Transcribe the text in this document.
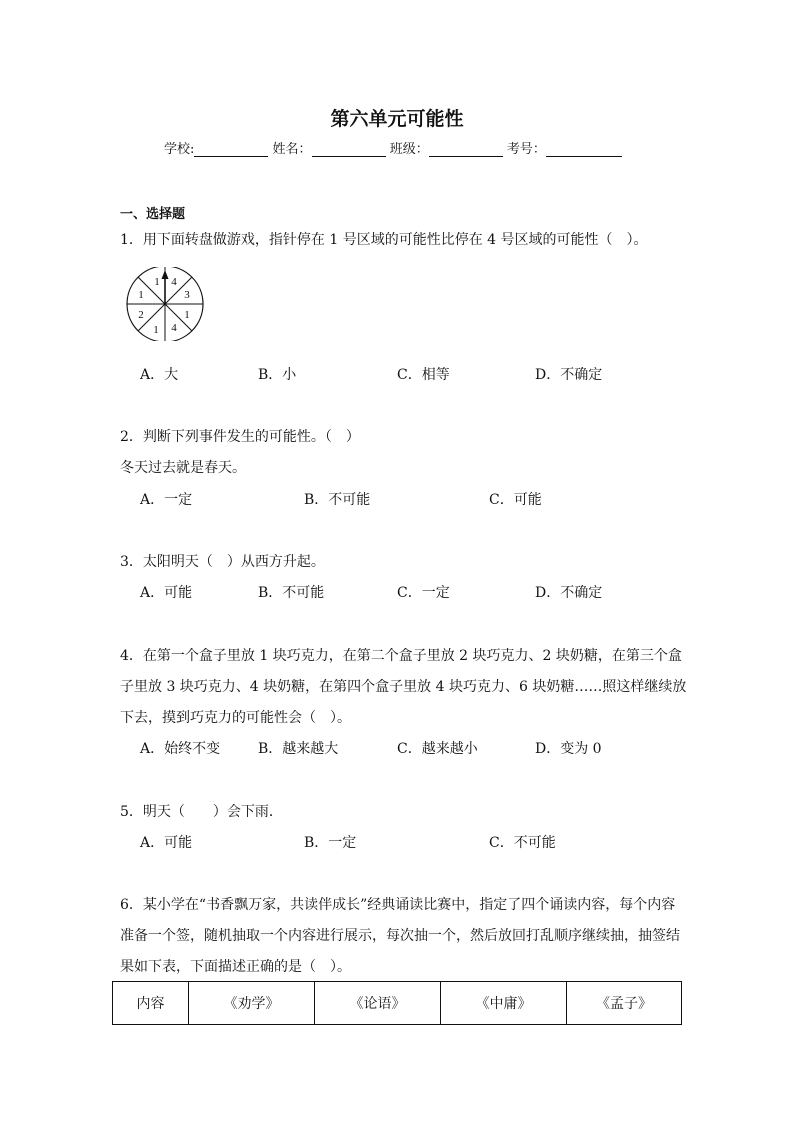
第六单元可能性
学校:	姓名：	班级：	考号：
一、选择题
1．用下面转盘做游戏，指针停在 1 号区域的可能性比停在 4 号区域的可能性（　）。
4
3
1
4
1
2
1
1
A．大	B．小	C．相等	D．不确定
2．判断下列事件发生的可能性。（　）
冬天过去就是春天。
A．一定	B．不可能	C．可能
3．太阳明天（　）从西方升起。
A．可能	B．不可能	C．一定	D．不确定
4．在第一个盒子里放 1 块巧克力，在第二个盒子里放 2 块巧克力、2 块奶糖，在第三个盒
子里放 3 块巧克力、4 块奶糖，在第四个盒子里放 4 块巧克力、6 块奶糖……照这样继续放
下去，摸到巧克力的可能性会（　）。
A．始终不变	B．越来越大	C．越来越小	D．变为 0
5．明天（　　）会下雨．
A．可能	B．一定	C．不可能
6．某小学在“书香飘万家，共读伴成长”经典诵读比赛中，指定了四个诵读内容，每个内容
准备一个签，随机抽取一个内容进行展示，每次抽一个，然后放回打乱顺序继续抽，抽签结
果如下表，下面描述正确的是（　）。
内容	《劝学》	《论语》	《中庸》	《孟子》
